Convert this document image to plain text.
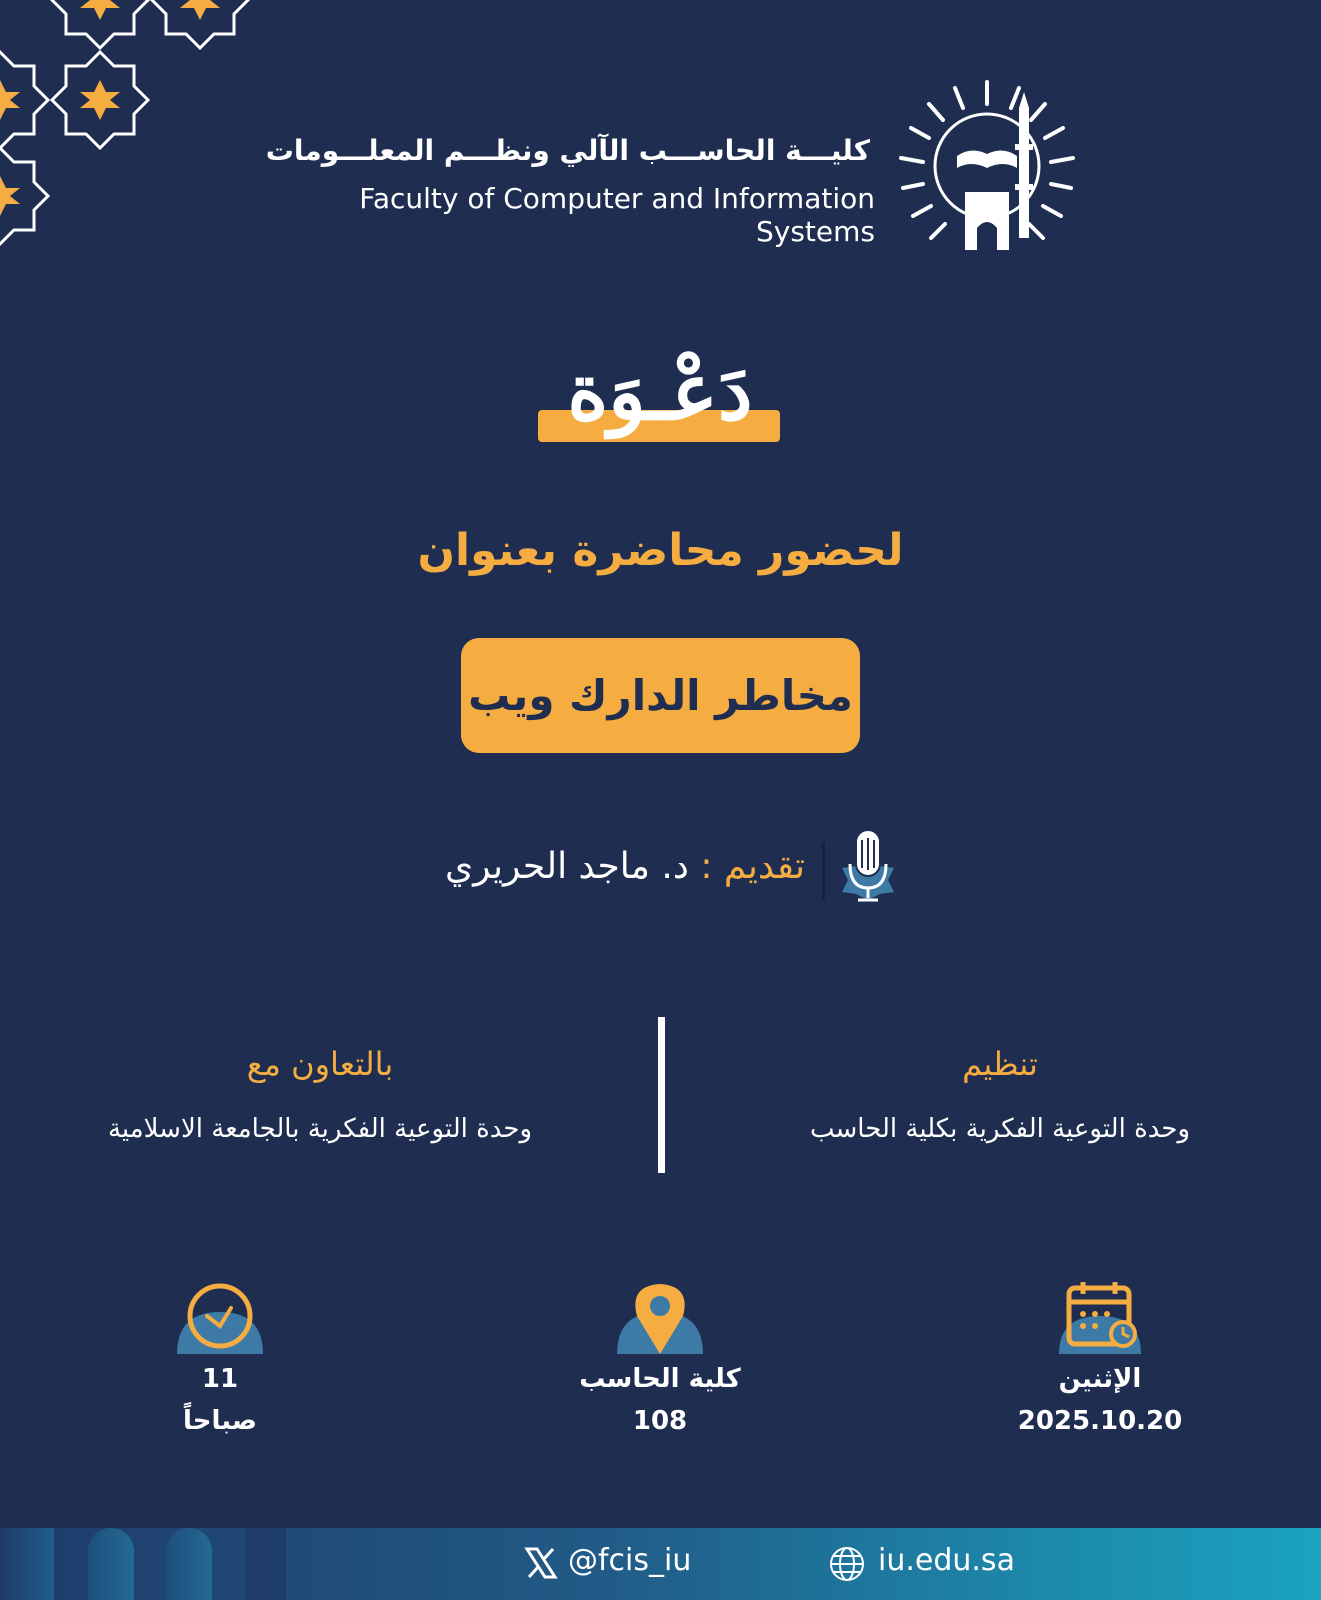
كليـــة الحاســـب الآلي ونظـــم المعلـــومات
Faculty of Computer and Information Systems
دَعْـوَة
لحضور محاضرة بعنوان
مخاطر الدارك ويب
تقديم : د. ماجد الحريري
تنظيم
وحدة التوعية الفكرية بكلية الحاسب
بالتعاون مع
وحدة التوعية الفكرية بالجامعة الاسلامية
الإثنين
2025.10.20
كلية الحاسب
108
11
صباحاً
@fcis_iu	iu.edu.sa
